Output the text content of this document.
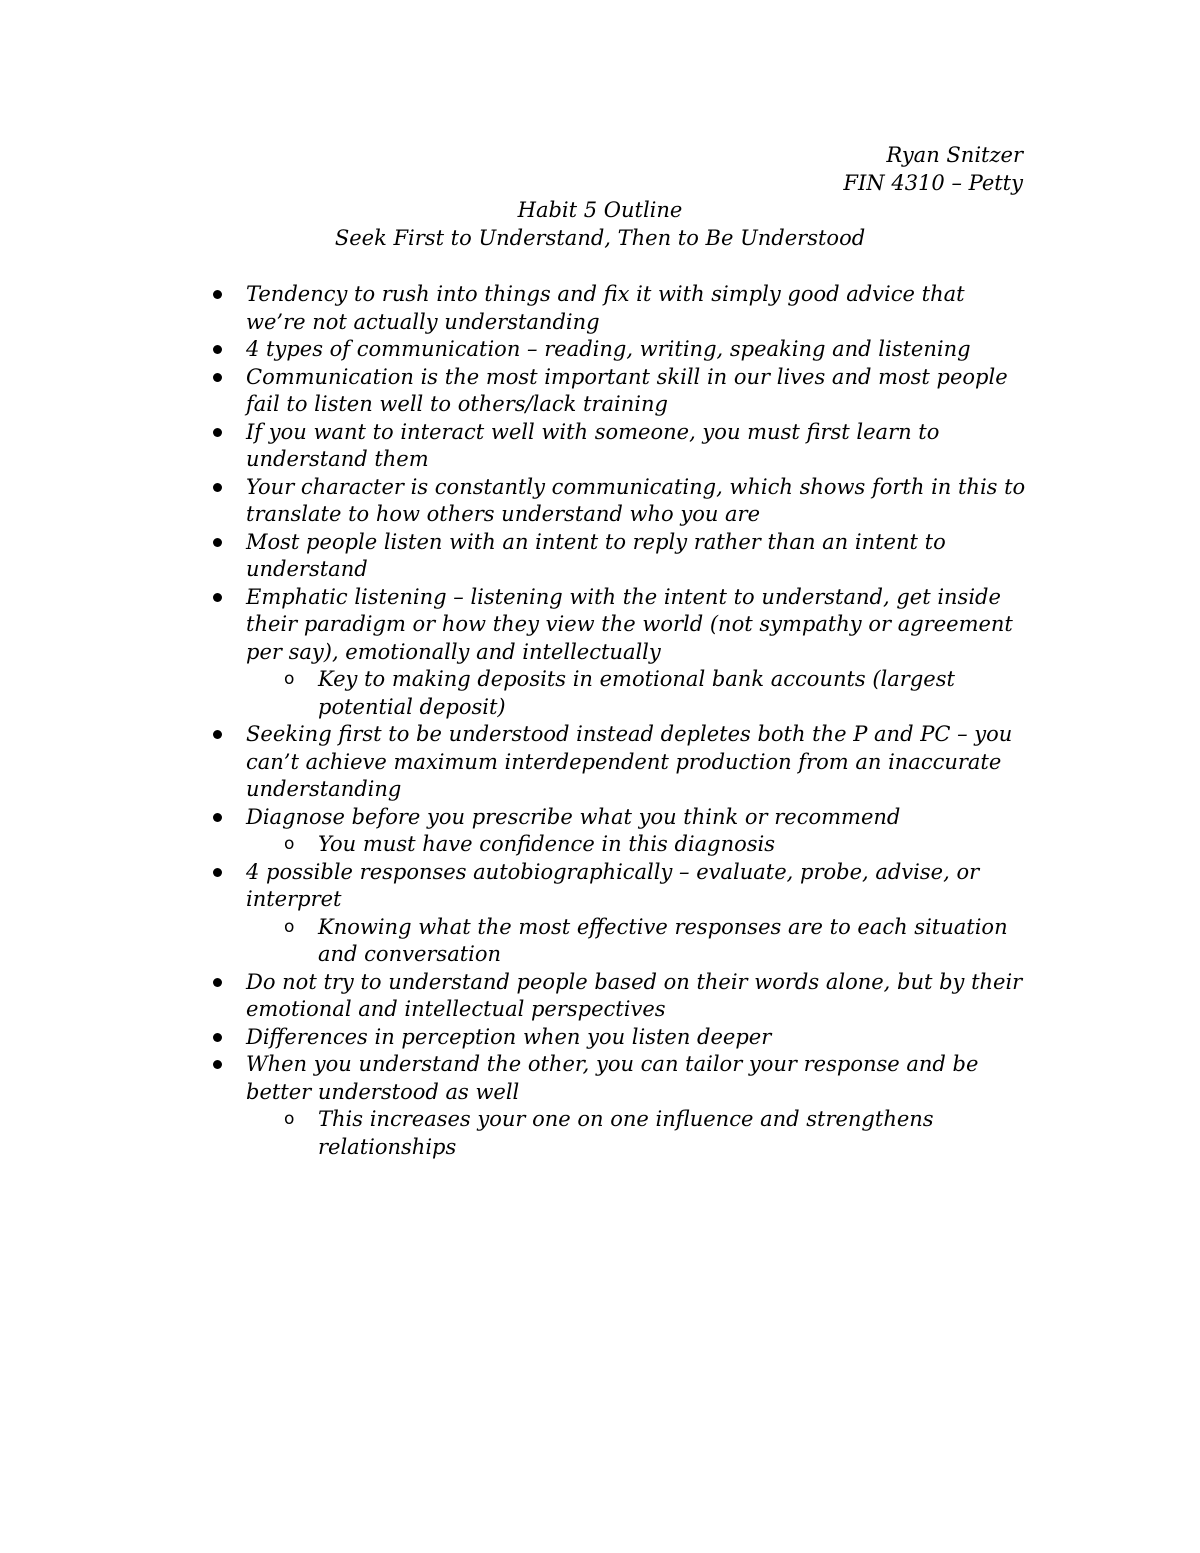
Ryan Snitzer
FIN 4310 – Petty
Habit 5 Outline
Seek First to Understand, Then to Be Understood
Tendency to rush into things and fix it with simply good advice that we’re not actually understanding
4 types of communication – reading, writing, speaking and listening
Communication is the most important skill in our lives and most people fail to listen well to others/lack training
If you want to interact well with someone, you must first learn to understand them
Your character is constantly communicating, which shows forth in this to translate to how others understand who you are
Most people listen with an intent to reply rather than an intent to understand
Emphatic listening – listening with the intent to understand, get inside their paradigm or how they view the world (not sympathy or agreement per say), emotionally and intellectually
o Key to making deposits in emotional bank accounts (largest potential deposit)
Seeking first to be understood instead depletes both the P and PC – you can’t achieve maximum interdependent production from an inaccurate understanding
Diagnose before you prescribe what you think or recommend
o You must have confidence in this diagnosis
4 possible responses autobiographically – evaluate, probe, advise, or interpret
o Knowing what the most effective responses are to each situation and conversation
Do not try to understand people based on their words alone, but by their emotional and intellectual perspectives
Differences in perception when you listen deeper
When you understand the other, you can tailor your response and be better understood as well
o This increases your one on one influence and strengthens relationships
